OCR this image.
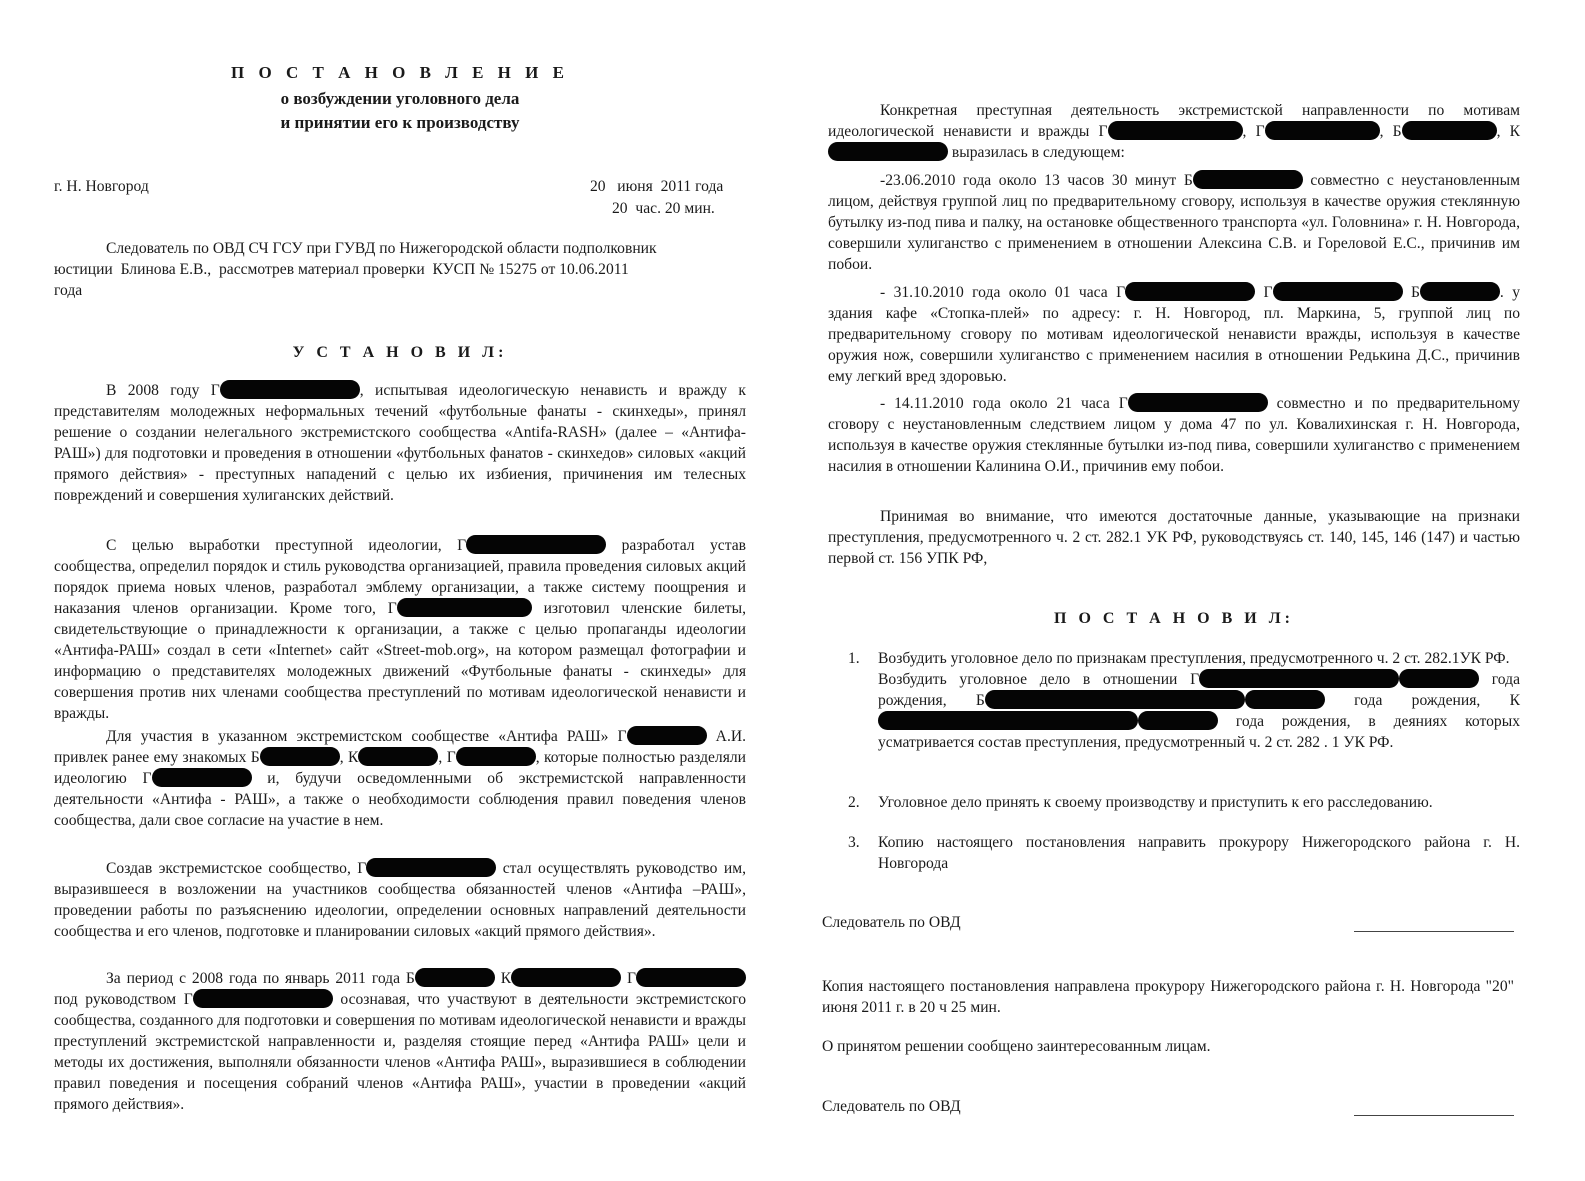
П О С Т А Н О В Л Е Н И Е

о возбуждении уголовного дела

и принятии его к производству

г. Н. Новгород	20   июня  2011 года

20  час. 20 мин.

Следователь по ОВД СЧ ГСУ при ГУВД по Нижегородской области подполковник
юстиции  Блинова Е.В.,  рассмотрев материал проверки  КУСП № 15275 от 10.06.2011
года

У С Т А Н О В И Л:

В 2008 году Г	, испытывая идеологическую ненависть и вражду к представителям молодежных неформальных течений «футбольные фанаты - скинхеды», принял решение о создании нелегального экстремистского сообщества «Antifa-RASH» (далее – «Антифа-РАШ») для подготовки и проведения в отношении «футбольных фанатов - скинхедов» силовых «акций прямого действия» - преступных нападений с целью их избиения, причинения им телесных повреждений и совершения хулиганских действий.

С целью выработки преступной идеологии, Г	разработал устав сообщества, определил порядок и стиль руководства организацией, правила проведения силовых акций порядок приема новых членов, разработал эмблему организации, а также систему поощрения и наказания членов организации. Кроме того, Г	изготовил членские билеты, свидетельствующие о принадлежности к организации, а также с целью пропаганды идеологии «Антифа-РАШ» создал в сети «Internet» сайт «Street-mob.org», на котором размещал фотографии и информацию о представителях молодежных движений «Футбольные фанаты - скинхеды» для совершения против них членами сообщества преступлений по мотивам идеологической ненависти и вражды.

Для участия в указанном экстремистском сообществе «Антифа РАШ» Г	А.И. привлек ранее ему знакомых Б	, К	, Г	, которые полностью разделяли идеологию Г	и, будучи осведомленными об экстремистской направленности деятельности «Антифа - РАШ», а также о необходимости соблюдения правил поведения членов сообщества, дали свое согласие на участие в нем.

Создав экстремистское сообщество, Г	стал осуществлять руководство им, выразившееся в возложении на участников сообщества обязанностей членов «Антифа –РАШ», проведении работы по разъяснению идеологии, определении основных направлений деятельности сообщества и его членов, подготовке и планировании силовых «акций прямого действия».

За период с 2008 года по январь 2011 года Б	К	Г под руководством Г	осознавая, что участвуют в деятельности экстремистского сообщества, созданного для подготовки и совершения по мотивам идеологической ненависти и вражды преступлений экстремистской направленности и, разделяя стоящие перед «Антифа РАШ» цели и методы их достижения, выполняли обязанности членов «Антифа РАШ», выразившиеся в соблюдении правил поведения и посещения собраний членов «Антифа РАШ», участии в проведении «акций прямого действия».

Конкретная преступная деятельность экстремистской направленности по мотивам идеологической ненависти и вражды Г	, Г	, Б	, К выразилась в следующем:

-23.06.2010 года около 13 часов 30 минут Б	совместно с неустановленным лицом, действуя группой лиц по предварительному сговору, используя в качестве оружия стеклянную бутылку из-под пива и палку, на остановке общественного транспорта «ул. Головнина» г. Н. Новгорода, совершили хулиганство с применением в отношении Алексина С.В. и Гореловой Е.С., причинив им побои.

- 31.10.2010 года около 01 часа Г	Г	Б	. у здания кафе «Стопка-плей» по адресу: г. Н. Новгород, пл. Маркина, 5, группой лиц по предварительному сговору по мотивам идеологической ненависти вражды, используя в качестве оружия нож, совершили хулиганство с применением насилия в отношении Редькина Д.С., причинив ему легкий вред здоровью.

- 14.11.2010 года около 21 часа Г	совместно и по предварительному сговору с неустановленным следствием лицом у дома 47 по ул. Ковалихинская г. Н. Новгорода, используя в качестве оружия стеклянные бутылки из-под пива, совершили хулиганство с применением насилия в отношении Калинина О.И., причинив ему побои.

Принимая во внимание, что имеются достаточные данные, указывающие на признаки преступления, предусмотренного ч. 2 ст. 282.1 УК РФ, руководствуясь ст. 140, 145, 146 (147) и частью первой ст. 156 УПК РФ,

П О С Т А Н О В И Л:

1.	Возбудить уголовное дело по признакам преступления, предусмотренного ч. 2 ст. 282.1УК РФ.
Возбудить уголовное дело в отношении Г	года рождения, Б	года рождения, К года рождения, в деяниях которых усматривается состав преступления, предусмотренный ч. 2 ст. 282 . 1 УК РФ.
2.	Уголовное дело принять к своему производству и приступить к его расследованию.
3.	Копию настоящего постановления направить прокурору Нижегородского района г. Н. Новгорода
Следователь по ОВД

Копия настоящего постановления направлена прокурору Нижегородского района г. Н. Новгорода "20" июня 2011 г. в 20 ч 25 мин.

О принятом решении сообщено заинтересованным лицам.

Следователь по ОВД
